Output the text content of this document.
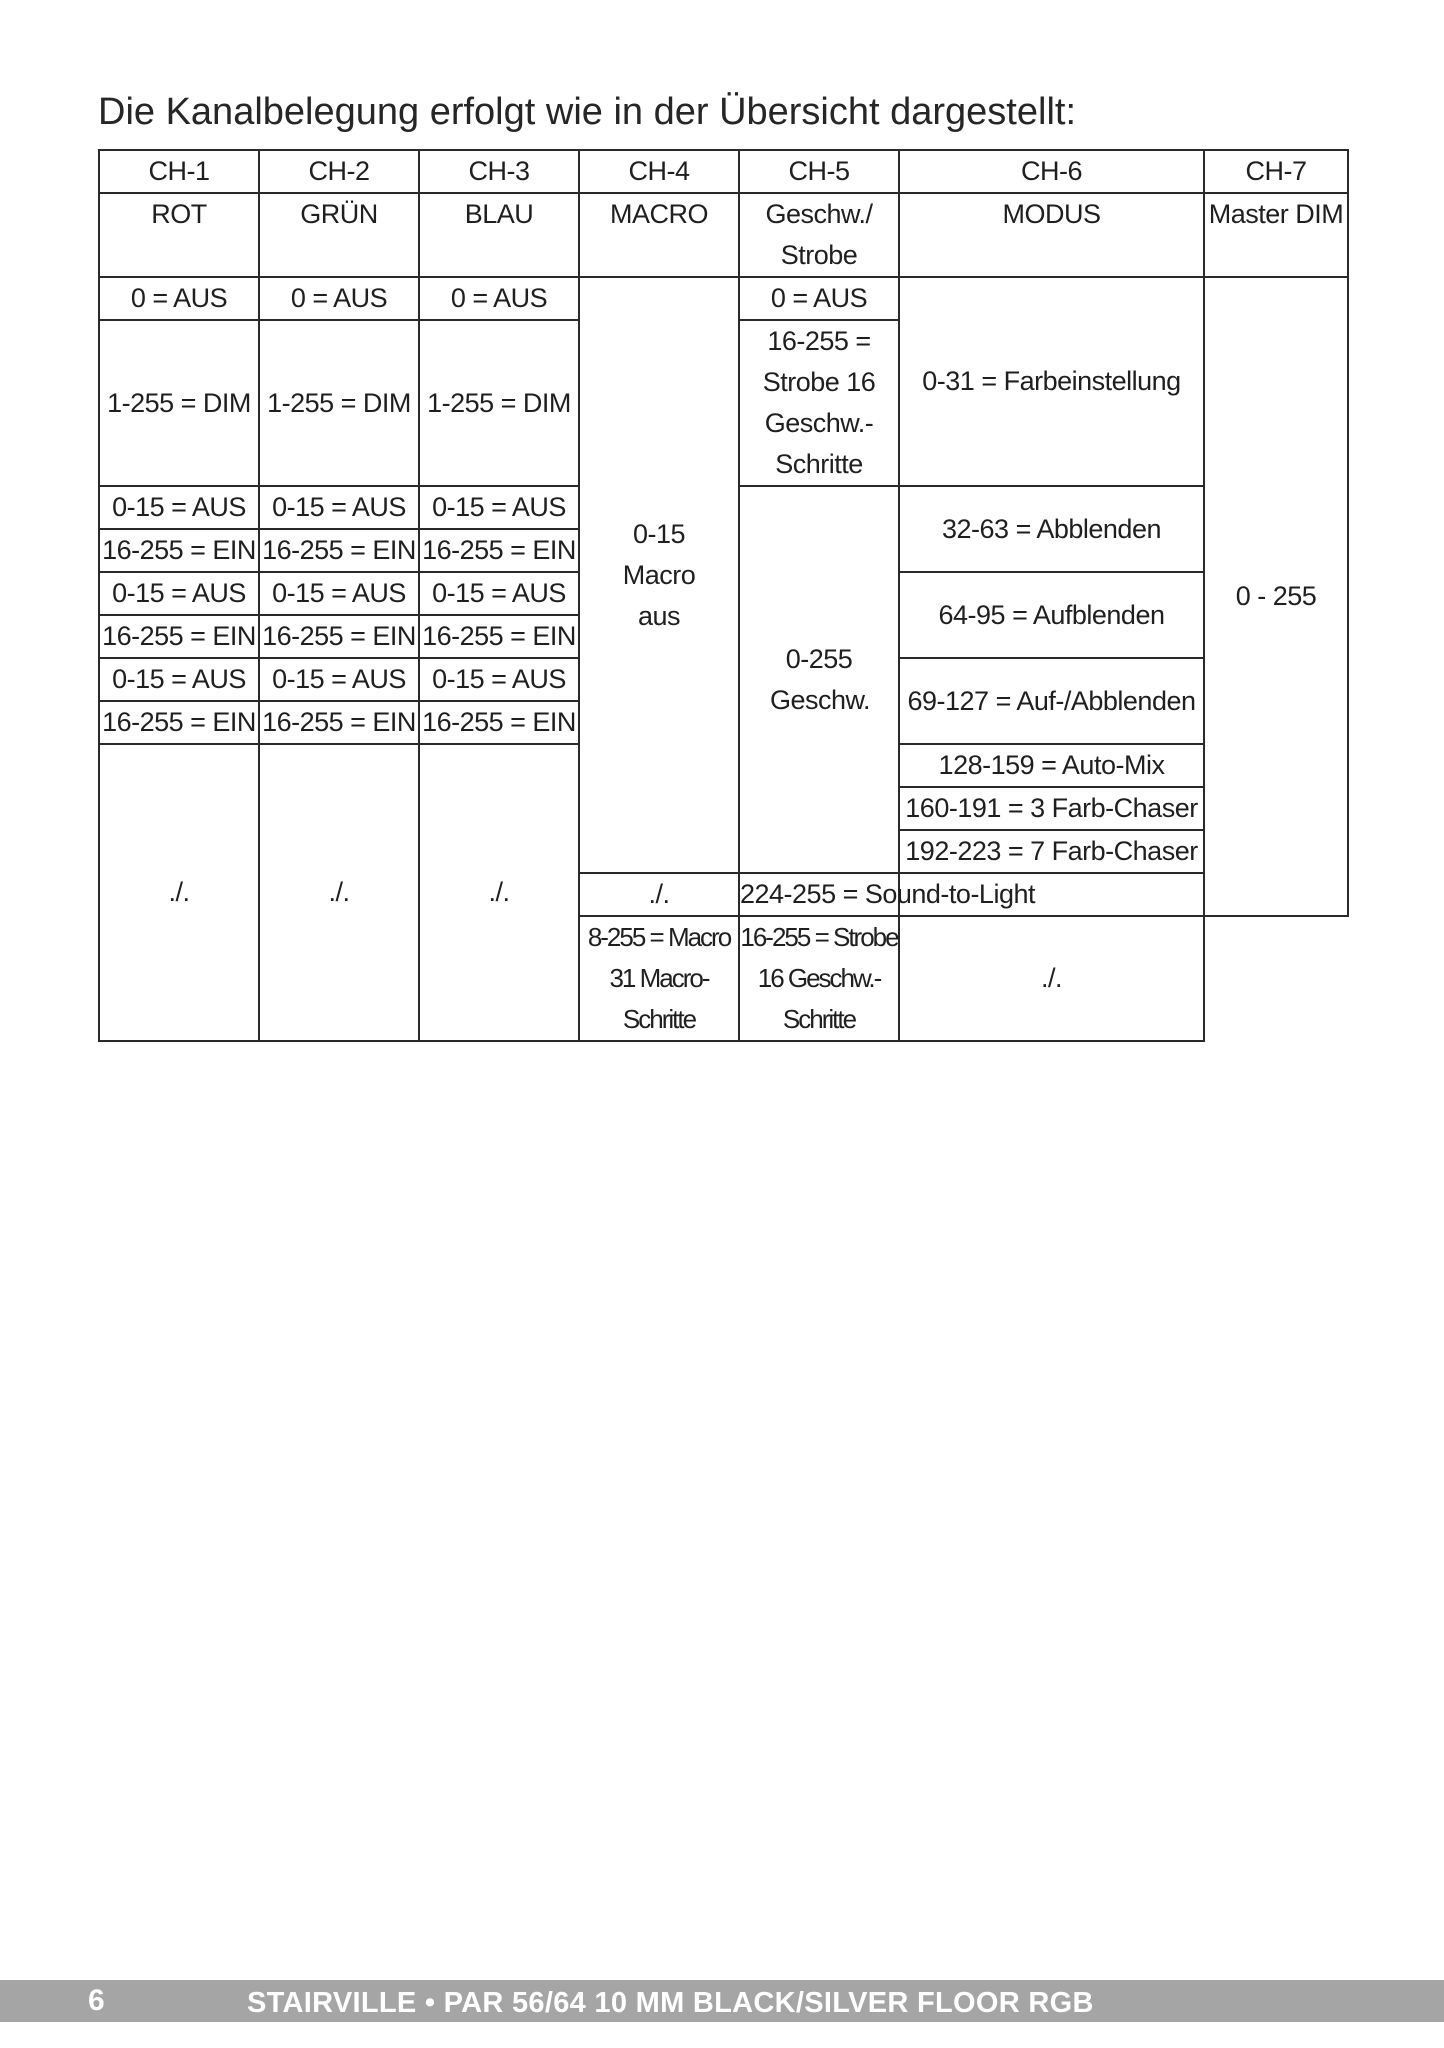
Die Kanalbelegung erfolgt wie in der Übersicht dargestellt:
CH-1	CH-2	CH-3	CH-4	CH-5	CH-6	CH-7
ROT	GRÜN	BLAU	MACRO	Geschw./ Strobe	MODUS	Master DIM
0 = AUS	0 = AUS	0 = AUS	0-15 Macro aus	0 = AUS	0-31 = Farbeinstellung	0 - 255
1-255 = DIM	1-255 = DIM	1-255 = DIM		16-255 = Strobe 16 Geschw.- Schritte		

0-15 = AUS	0-15 = AUS	0-15 = AUS		0-255 Geschw.	32-63 = Abblenden	
16-255 = EIN	16-255 = EIN	16-255 = EIN				
0-15 = AUS	0-15 = AUS	0-15 = AUS			64-95 = Aufblenden	
16-255 = EIN	16-255 = EIN	16-255 = EIN				
0-15 = AUS	0-15 = AUS	0-15 = AUS			69-127 = Auf-/Abblenden	
16-255 = EIN	16-255 = EIN	16-255 = EIN				
./.	./.	./.			128-159 = Auto-Mix	
					160-191 = 3 Farb-Chaser	
					192-223 = 7 Farb-Chaser	
			./.	224-255 = Sound-to-Light		
			8-255 = Macro 31 Macro- Schritte	16-255 = Strobe 16 Geschw.- Schritte	./.	

6	STAIRVILLE • PAR 56/64 10 MM BLACK/SILVER FLOOR RGB
